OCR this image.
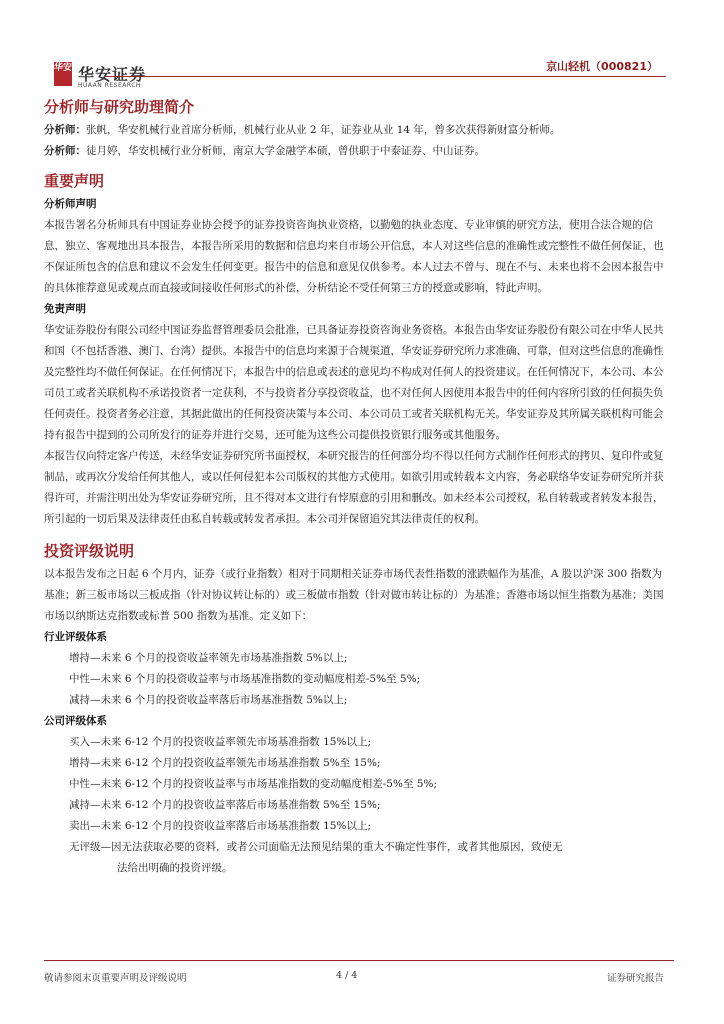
华安 华安证券
HUAAN RESEARCH
京山轻机（000821）
分析师与研究助理简介

分析师：张帆，华安机械行业首席分析师，机械行业从业 2 年，证券业从业 14 年，曾多次获得新财富分析师。

分析师：徒月婷，华安机械行业分析师，南京大学金融学本硕，曾供职于中泰证券、中山证券。

重要声明
分析师声明

本报告署名分析师具有中国证券业协会授予的证券投资咨询执业资格，以勤勉的执业态度、专业审慎的研究方法，使用合法合规的信息，独立、客观地出具本报告，本报告所采用的数据和信息均来自市场公开信息，本人对这些信息的准确性或完整性不做任何保证，也不保证所包含的信息和建议不会发生任何变更。报告中的信息和意见仅供参考。本人过去不曾与、现在不与、未来也将不会因本报告中的具体推荐意见或观点而直接或间接收任何形式的补偿，分析结论不受任何第三方的授意或影响，特此声明。

免责声明

华安证券股份有限公司经中国证券监督管理委员会批准，已具备证券投资咨询业务资格。本报告由华安证券股份有限公司在中华人民共和国（不包括香港、澳门、台湾）提供。本报告中的信息均来源于合规渠道，华安证券研究所力求准确、可靠，但对这些信息的准确性及完整性均不做任何保证。在任何情况下，本报告中的信息或表述的意见均不构成对任何人的投资建议。在任何情况下，本公司、本公司员工或者关联机构不承诺投资者一定获利，不与投资者分享投资收益，也不对任何人因使用本报告中的任何内容所引致的任何损失负任何责任。投资者务必注意，其据此做出的任何投资决策与本公司、本公司员工或者关联机构无关。华安证券及其所属关联机构可能会持有报告中提到的公司所发行的证券并进行交易，还可能为这些公司提供投资银行服务或其他服务。

本报告仅向特定客户传送，未经华安证券研究所书面授权，本研究报告的任何部分均不得以任何方式制作任何形式的拷贝、复印件或复制品，或再次分发给任何其他人，或以任何侵犯本公司版权的其他方式使用。如欲引用或转载本文内容，务必联络华安证券研究所并获得许可，并需注明出处为华安证券研究所，且不得对本文进行有悖原意的引用和删改。如未经本公司授权，私自转载或者转发本报告，所引起的一切后果及法律责任由私自转载或转发者承担。本公司并保留追究其法律责任的权利。

投资评级说明

以本报告发布之日起 6 个月内，证券（或行业指数）相对于同期相关证券市场代表性指数的涨跌幅作为基准，A 股以沪深 300 指数为基准；新三板市场以三板成指（针对协议转让标的）或三板做市指数（针对做市转让标的）为基准；香港市场以恒生指数为基准；美国市场以纳斯达克指数或标普 500 指数为基准。定义如下：

行业评级体系

增持—未来 6 个月的投资收益率领先市场基准指数 5%以上;

中性—未来 6 个月的投资收益率与市场基准指数的变动幅度相差-5%至 5%;

减持—未来 6 个月的投资收益率落后市场基准指数 5%以上;

公司评级体系

买入—未来 6-12 个月的投资收益率领先市场基准指数 15%以上;

增持—未来 6-12 个月的投资收益率领先市场基准指数 5%至 15%;

中性—未来 6-12 个月的投资收益率与市场基准指数的变动幅度相差-5%至 5%;

减持—未来 6-12 个月的投资收益率落后市场基准指数 5%至 15%;

卖出—未来 6-12 个月的投资收益率落后市场基准指数 15%以上;

无评级—因无法获取必要的资料，或者公司面临无法预见结果的重大不确定性事件，或者其他原因，致使无

法给出明确的投资评级。

敬请参阅末页重要声明及评级说明	4 / 4	证券研究报告
